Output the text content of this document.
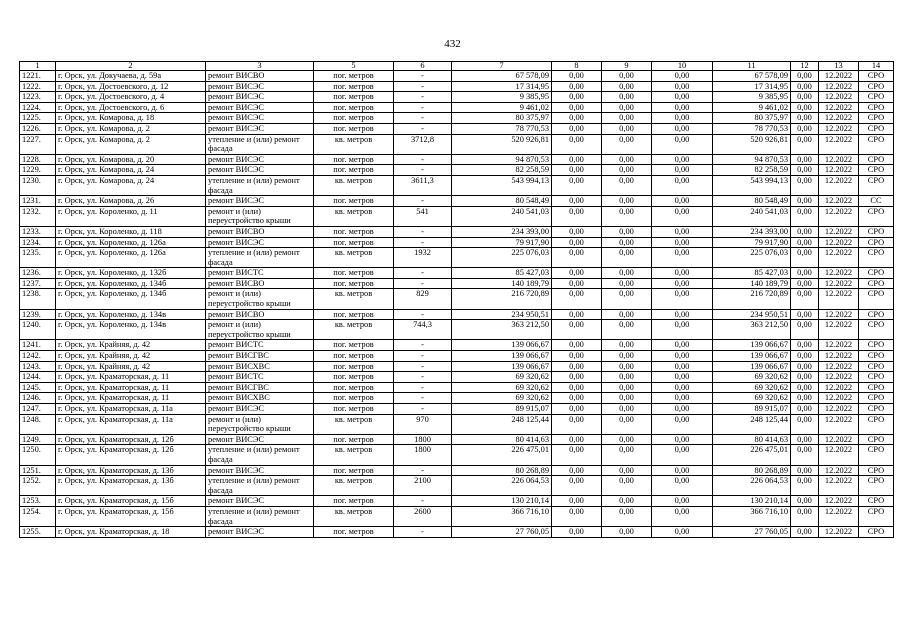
432
1	2	3	5	6	7	8	9	10	11	12	13	14
1221.	г. Орск, ул. Докучаева, д. 59а	ремонт ВИСВО	пог. метров	-	67 578,09	0,00	0,00	0,00	67 578,09	0,00	12.2022	СРО
1222.	г. Орск, ул. Достоевского, д. 12	ремонт ВИСЭС	пог. метров	-	17 314,95	0,00	0,00	0,00	17 314,95	0,00	12.2022	СРО
1223.	г. Орск, ул. Достоевского, д. 4	ремонт ВИСЭС	пог. метров	-	9 385,95	0,00	0,00	0,00	9 385,95	0,00	12.2022	СРО
1224.	г. Орск, ул. Достоевского, д. 6	ремонт ВИСЭС	пог. метров	-	9 461,02	0,00	0,00	0,00	9 461,02	0,00	12.2022	СРО
1225.	г. Орск, ул. Комарова, д. 18	ремонт ВИСЭС	пог. метров	-	80 375,97	0,00	0,00	0,00	80 375,97	0,00	12.2022	СРО
1226.	г. Орск, ул. Комарова, д. 2	ремонт ВИСЭС	пог. метров	-	78 770,53	0,00	0,00	0,00	78 770,53	0,00	12.2022	СРО
1227.	г. Орск, ул. Комарова, д. 2	утепление и (или) ремонт фасада	кв. метров	3712,8	520 926,81	0,00	0,00	0,00	520 926,81	0,00	12.2022	СРО
1228.	г. Орск, ул. Комарова, д. 20	ремонт ВИСЭС	пог. метров	-	94 870,53	0,00	0,00	0,00	94 870,53	0,00	12.2022	СРО
1229.	г. Орск, ул. Комарова, д. 24	ремонт ВИСЭС	пог. метров	-	82 258,59	0,00	0,00	0,00	82 258,59	0,00	12.2022	СРО
1230.	г. Орск, ул. Комарова, д. 24	утепление и (или) ремонт фасада	кв. метров	3611,3	543 994,13	0,00	0,00	0,00	543 994,13	0,00	12.2022	СРО
1231.	г. Орск, ул. Комарова, д. 26	ремонт ВИСЭС	пог. метров	-	80 548,49	0,00	0,00	0,00	80 548,49	0,00	12.2022	СС
1232.	г. Орск, ул. Короленко, д. 11	ремонт и (или) переустройство крыши	кв. метров	541	240 541,03	0,00	0,00	0,00	240 541,03	0,00	12.2022	СРО
1233.	г. Орск, ул. Короленко, д. 118	ремонт ВИСВО	пог. метров	-	234 393,00	0,00	0,00	0,00	234 393,00	0,00	12.2022	СРО
1234.	г. Орск, ул. Короленко, д. 126а	ремонт ВИСЭС	пог. метров	-	79 917,90	0,00	0,00	0,00	79 917,90	0,00	12.2022	СРО
1235.	г. Орск, ул. Короленко, д. 126а	утепление и (или) ремонт фасада	кв. метров	1932	225 076,03	0,00	0,00	0,00	225 076,03	0,00	12.2022	СРО
1236.	г. Орск, ул. Короленко, д. 132б	ремонт ВИСТС	пог. метров	-	85 427,03	0,00	0,00	0,00	85 427,03	0,00	12.2022	СРО
1237.	г. Орск, ул. Короленко, д. 134б	ремонт ВИСВО	пог. метров	-	140 189,79	0,00	0,00	0,00	140 189,79	0,00	12.2022	СРО
1238.	г. Орск, ул. Короленко, д. 134б	ремонт и (или) переустройство крыши	кв. метров	829	216 720,89	0,00	0,00	0,00	216 720,89	0,00	12.2022	СРО
1239.	г. Орск, ул. Короленко, д. 134в	ремонт ВИСВО	пог. метров	-	234 950,51	0,00	0,00	0,00	234 950,51	0,00	12.2022	СРО
1240.	г. Орск, ул. Короленко, д. 134в	ремонт и (или) переустройство крыши	кв. метров	744,3	363 212,50	0,00	0,00	0,00	363 212,50	0,00	12.2022	СРО
1241.	г. Орск, ул. Крайняя, д. 42	ремонт ВИСТС	пог. метров	-	139 066,67	0,00	0,00	0,00	139 066,67	0,00	12.2022	СРО
1242.	г. Орск, ул. Крайняя, д. 42	ремонт ВИСГВС	пог. метров	-	139 066,67	0,00	0,00	0,00	139 066,67	0,00	12.2022	СРО
1243.	г. Орск, ул. Крайняя, д. 42	ремонт ВИСХВС	пог. метров	-	139 066,67	0,00	0,00	0,00	139 066,67	0,00	12.2022	СРО
1244.	г. Орск, ул. Краматорская, д. 11	ремонт ВИСТС	пог. метров	-	69 320,62	0,00	0,00	0,00	69 320,62	0,00	12.2022	СРО
1245.	г. Орск, ул. Краматорская, д. 11	ремонт ВИСГВС	пог. метров	-	69 320,62	0,00	0,00	0,00	69 320,62	0,00	12.2022	СРО
1246.	г. Орск, ул. Краматорская, д. 11	ремонт ВИСХВС	пог. метров	-	69 320,62	0,00	0,00	0,00	69 320,62	0,00	12.2022	СРО
1247.	г. Орск, ул. Краматорская, д. 11а	ремонт ВИСЭС	пог. метров	-	89 915,07	0,00	0,00	0,00	89 915,07	0,00	12.2022	СРО
1248.	г. Орск, ул. Краматорская, д. 11а	ремонт и (или) переустройство крыши	кв. метров	970	248 125,44	0,00	0,00	0,00	248 125,44	0,00	12.2022	СРО
1249.	г. Орск, ул. Краматорская, д. 12б	ремонт ВИСЭС	пог. метров	1800	80 414,63	0,00	0,00	0,00	80 414,63	0,00	12.2022	СРО
1250.	г. Орск, ул. Краматорская, д. 12б	утепление и (или) ремонт фасада	кв. метров	1800	226 475,01	0,00	0,00	0,00	226 475,01	0,00	12.2022	СРО
1251.	г. Орск, ул. Краматорская, д. 13б	ремонт ВИСЭС	пог. метров	-	80 268,89	0,00	0,00	0,00	80 268,89	0,00	12.2022	СРО
1252.	г. Орск, ул. Краматорская, д. 13б	утепление и (или) ремонт фасада	кв. метров	2100	226 064,53	0,00	0,00	0,00	226 064,53	0,00	12.2022	СРО
1253.	г. Орск, ул. Краматорская, д. 15б	ремонт ВИСЭС	пог. метров	-	130 210,14	0,00	0,00	0,00	130 210,14	0,00	12.2022	СРО
1254.	г. Орск, ул. Краматорская, д. 15б	утепление и (или) ремонт фасада	кв. метров	2600	366 716,10	0,00	0,00	0,00	366 716,10	0,00	12.2022	СРО
1255.	г. Орск, ул. Краматорская, д. 18	ремонт ВИСЭС	пог. метров	-	27 760,05	0,00	0,00	0,00	27 760,05	0,00	12.2022	СРО
